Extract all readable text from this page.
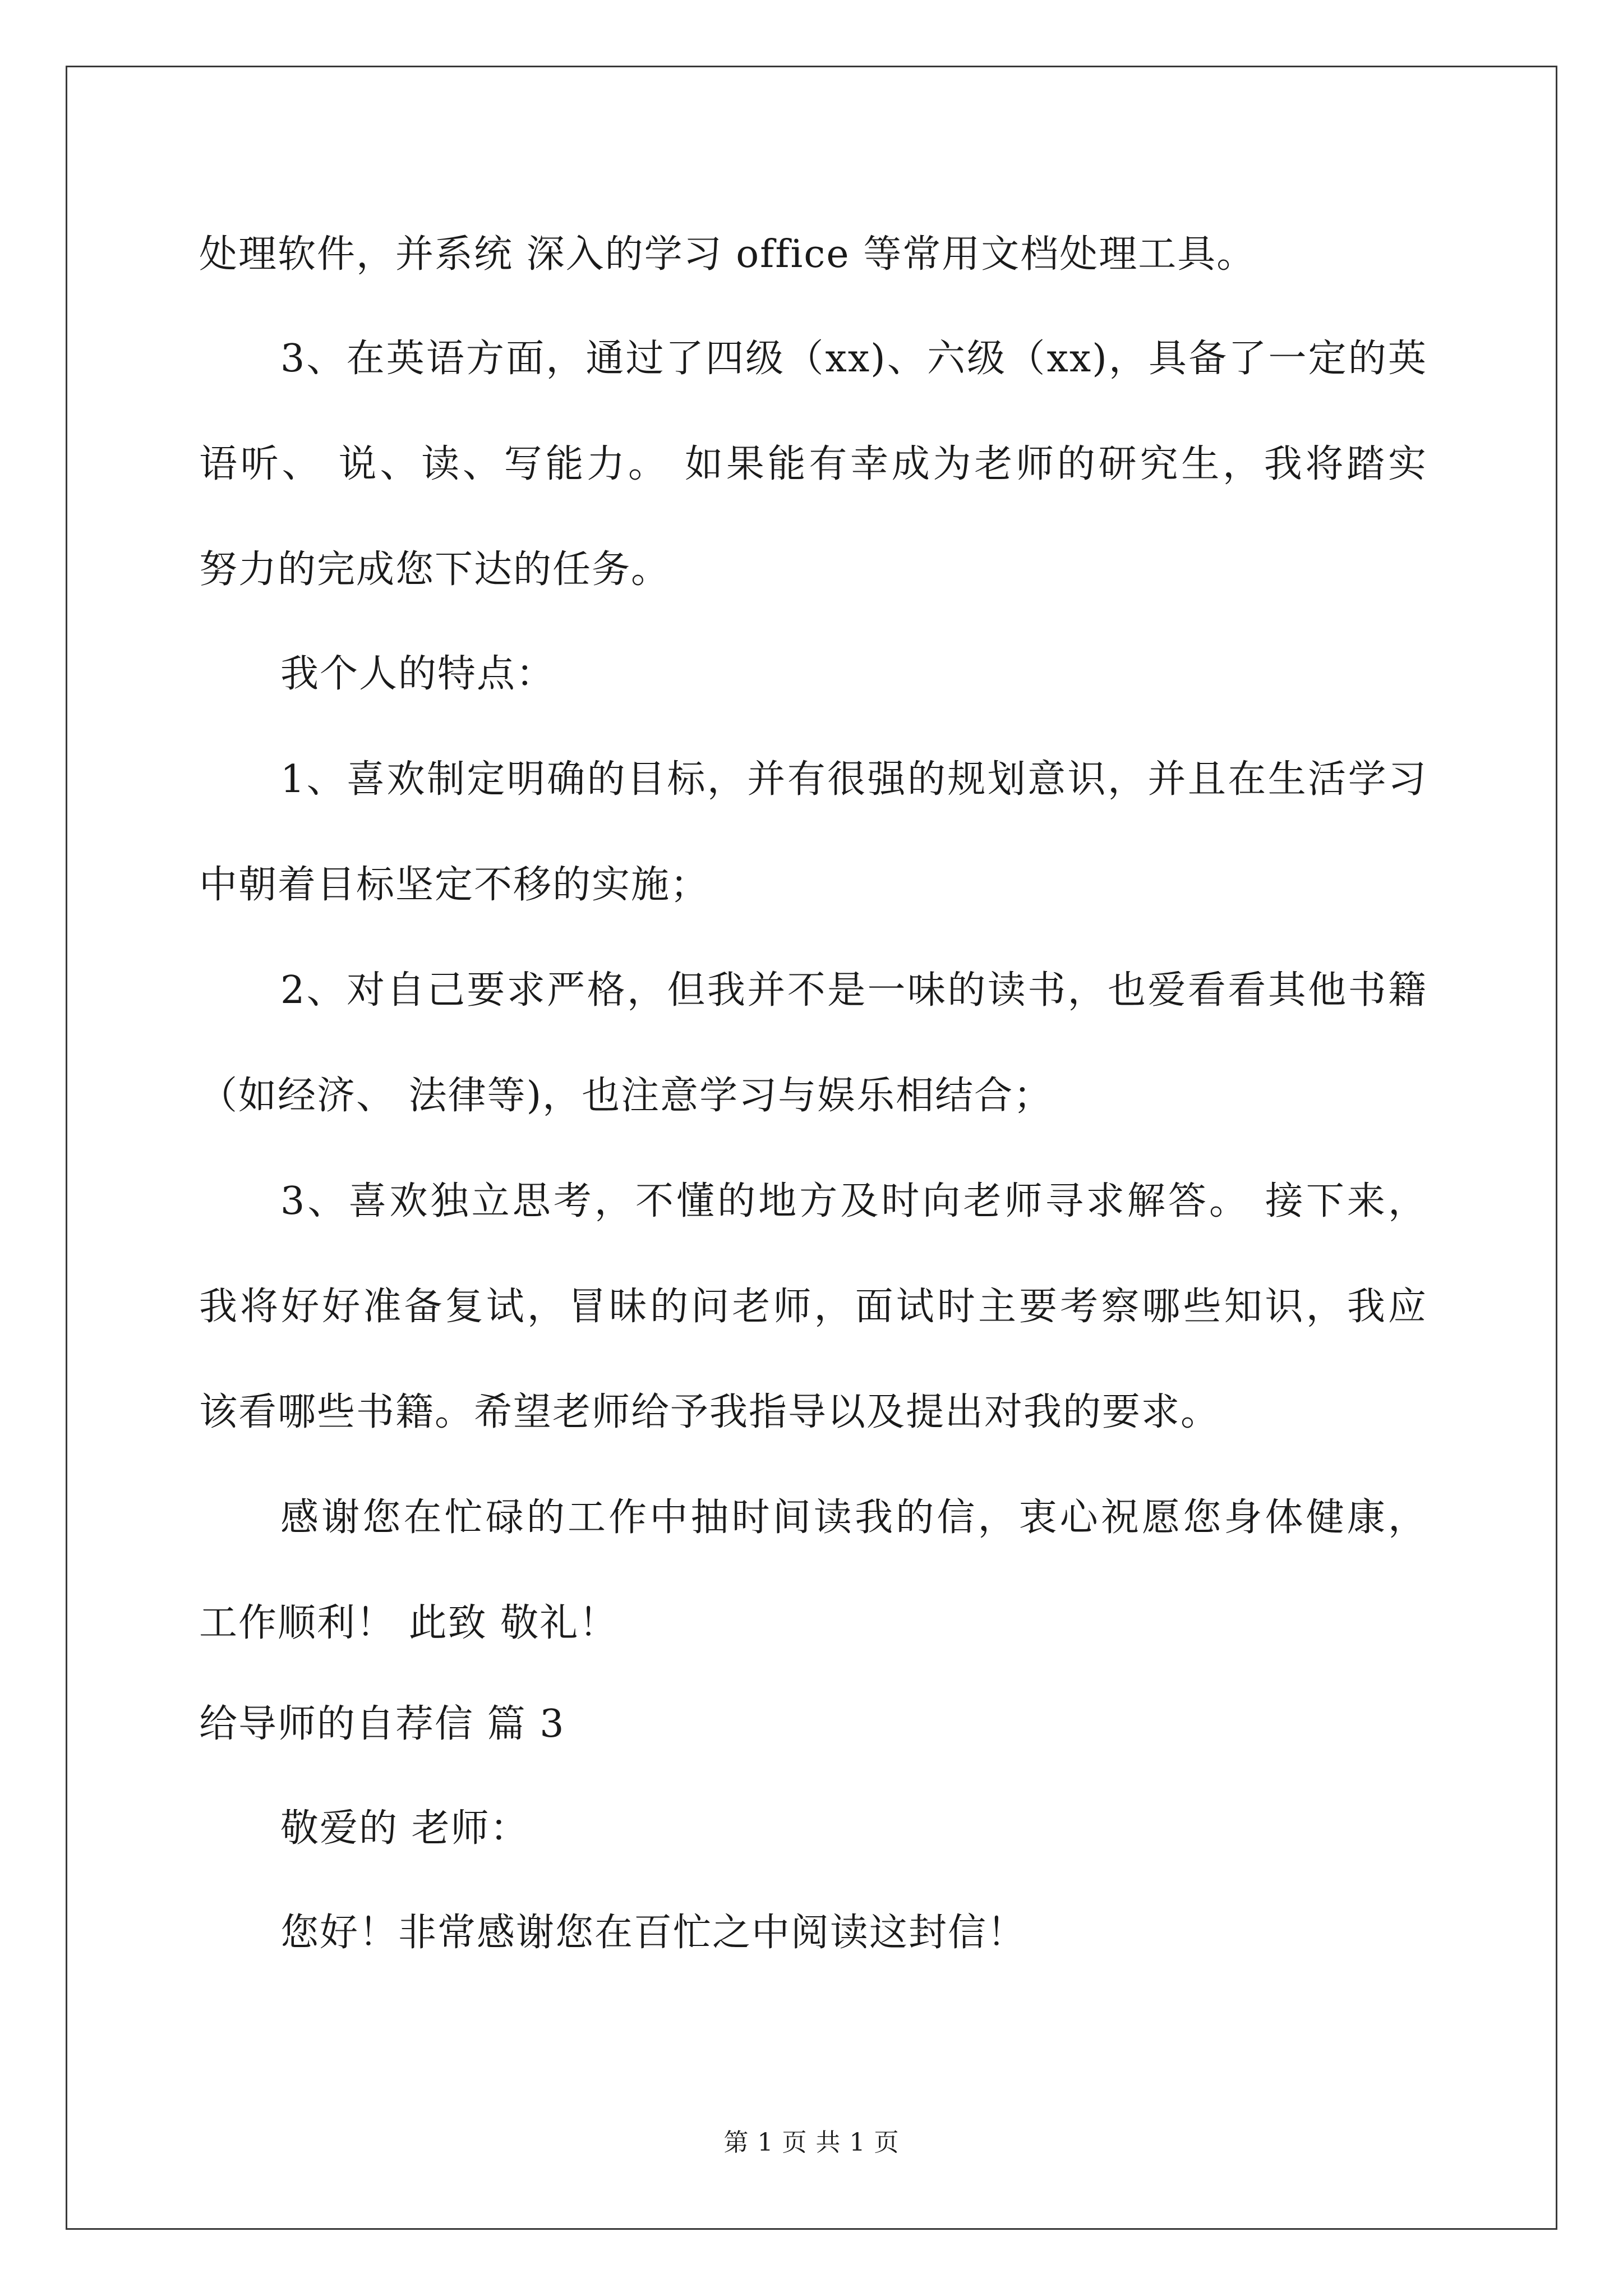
处理软件，并系统 深入的学习 office 等常用文档处理工具。
3、在英语方面，通过了四级（xx)、六级（xx)，具备了一定的英
语听、 说、读、写能力。 如果能有幸成为老师的研究生，我将踏实
努力的完成您下达的任务。
我个人的特点：
1、喜欢制定明确的目标，并有很强的规划意识，并且在生活学习
中朝着目标坚定不移的实施；
2、对自己要求严格，但我并不是一味的读书，也爱看看其他书籍
（如经济、 法律等)，也注意学习与娱乐相结合；
3、喜欢独立思考，不懂的地方及时向老师寻求解答。 接下来，
我将好好准备复试，冒昧的问老师，面试时主要考察哪些知识，我应
该看哪些书籍。希望老师给予我指导以及提出对我的要求。
感谢您在忙碌的工作中抽时间读我的信，衷心祝愿您身体健康，
工作顺利！ 此致 敬礼！
给导师的自荐信 篇 3
敬爱的 老师：
您好！非常感谢您在百忙之中阅读这封信！
第 1 页 共 1 页
